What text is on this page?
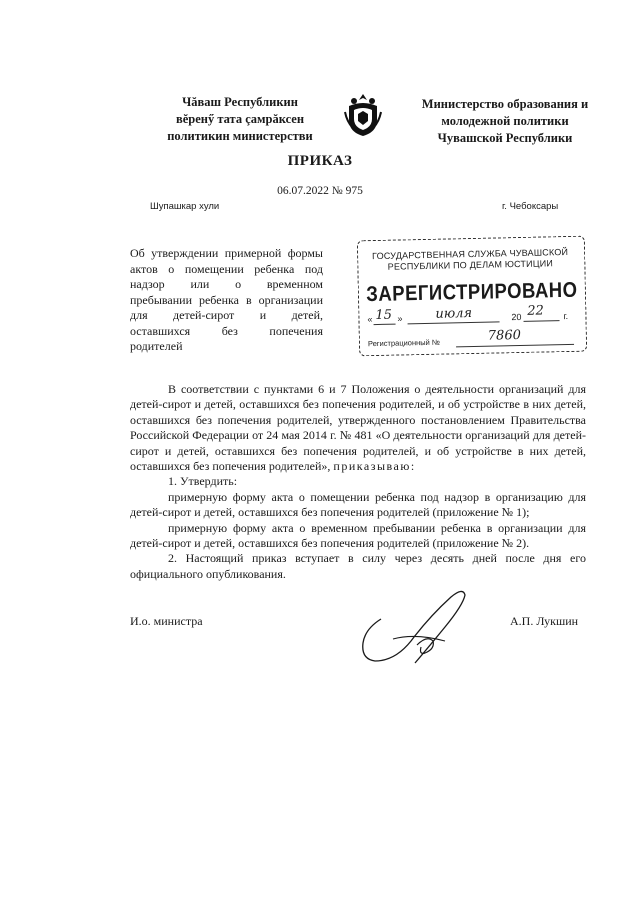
Чăваш Республикин
вĕренӳ тата çамрăксен
политикин министерстви
Министерство образования и
молодежной политики
Чувашской Республики
ПРИКАЗ
06.07.2022 № 975
Шупашкар хули	г. Чебоксары
Об утверждении примерной формы
актов о помещении ребенка под
надзор или о временном
пребывании ребенка в организации
для детей-сирот и детей,
оставшихся без попечения
родителей
ГОСУДАРСТВЕННАЯ СЛУЖБА ЧУВАШСКОЙ РЕСПУБЛИКИ ПО ДЕЛАМ ЮСТИЦИИ
ЗАРЕГИСТРИРОВАНО
« 15 »	июля	20 22 г.
Регистрационный №	7860

В соответствии с пунктами 6 и 7 Положения о деятельности организаций для детей-сирот и детей, оставшихся без попечения родителей, и об устройстве в них детей, оставшихся без попечения родителей, утвержденного постановлением Правительства Российской Федерации от 24 мая 2014 г. № 481 «О деятельности организаций для детей-сирот и детей, оставшихся без попечения родителей, и об устройстве в них детей, оставшихся без попечения родителей», приказываю:

1. Утвердить:

примерную форму акта о помещении ребенка под надзор в организацию для детей-сирот и детей, оставшихся без попечения родителей (приложение № 1);

примерную форму акта о временном пребывании ребенка в организации для детей-сирот и детей, оставшихся без попечения родителей (приложение № 2).

2. Настоящий приказ вступает в силу через десять дней после дня его официального опубликования.

И.о. министра	А.П. Лукшин
